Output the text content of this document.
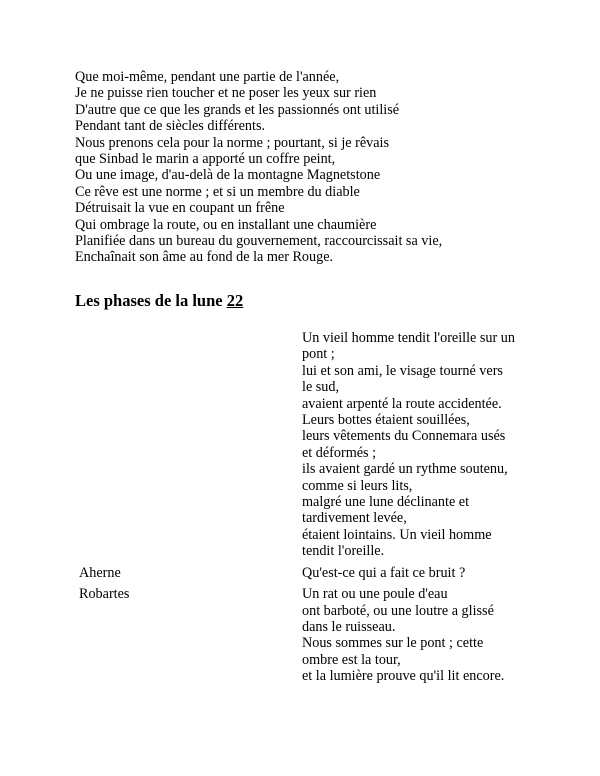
Que moi-même, pendant une partie de l'année,
Je ne puisse rien toucher et ne poser les yeux sur rien
D'autre que ce que les grands et les passionnés ont utilisé
Pendant tant de siècles différents.
Nous prenons cela pour la norme ; pourtant, si je rêvais
que Sinbad le marin a apporté un coffre peint,
Ou une image, d'au-delà de la montagne Magnetstone
Ce rêve est une norme ; et si un membre du diable
Détruisait la vue en coupant un frêne
Qui ombrage la route, ou en installant une chaumière
Planifiée dans un bureau du gouvernement, raccourcissait sa vie,
Enchaînait son âme au fond de la mer Rouge.
Les phases de la lune 22
Un vieil homme tendit l'oreille sur un
pont ;
lui et son ami, le visage tourné vers
le sud,
avaient arpenté la route accidentée.
Leurs bottes étaient souillées,
leurs vêtements du Connemara usés
et déformés ;
ils avaient gardé un rythme soutenu,
comme si leurs lits,
malgré une lune déclinante et
tardivement levée,
étaient lointains. Un vieil homme
tendit l'oreille.
Aherne	Qu'est-ce qui a fait ce bruit ?
Robartes	Un rat ou une poule d'eau
ont barboté, ou une loutre a glissé
dans le ruisseau.
Nous sommes sur le pont ; cette
ombre est la tour,
et la lumière prouve qu'il lit encore.
